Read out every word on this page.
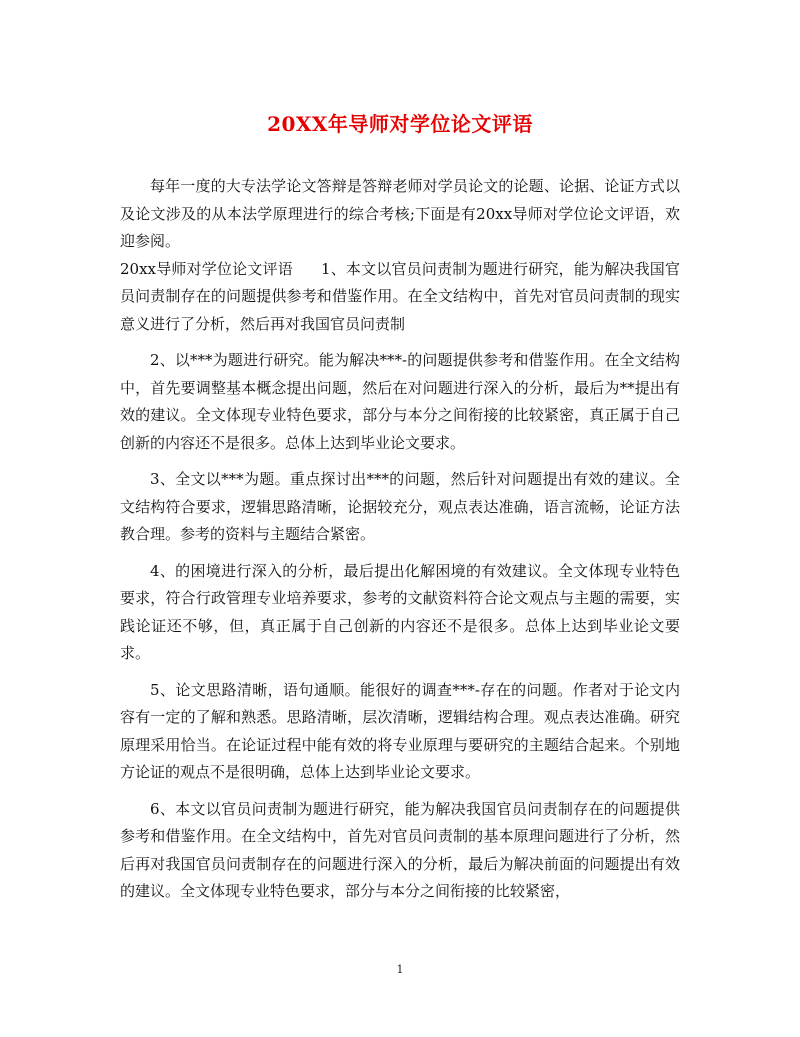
20XX年导师对学位论文评语

每年一度的大专法学论文答辩是答辩老师对学员论文的论题、论据、论证方式以及论文涉及的从本法学原理进行的综合考核;下面是有20xx导师对学位论文评语，欢迎参阅。

20xx导师对学位论文评语 1、本文以官员问责制为题进行研究，能为解决我国官员问责制存在的问题提供参考和借鉴作用。在全文结构中，首先对官员问责制的现实意义进行了分析，然后再对我国官员问责制

2、以***为题进行研究。能为解决***-的问题提供参考和借鉴作用。在全文结构中，首先要调整基本概念提出问题，然后在对问题进行深入的分析，最后为**提出有效的建议。全文体现专业特色要求，部分与本分之间衔接的比较紧密，真正属于自己创新的内容还不是很多。总体上达到毕业论文要求。

3、全文以***为题。重点探讨出***的问题，然后针对问题提出有效的建议。全文结构符合要求，逻辑思路清晰，论据较充分，观点表达准确，语言流畅，论证方法教合理。参考的资料与主题结合紧密。

4、的困境进行深入的分析，最后提出化解困境的有效建议。全文体现专业特色要求，符合行政管理专业培养要求，参考的文献资料符合论文观点与主题的需要，实践论证还不够，但，真正属于自己创新的内容还不是很多。总体上达到毕业论文要求。

5、论文思路清晰，语句通顺。能很好的调查***-存在的问题。作者对于论文内容有一定的了解和熟悉。思路清晰，层次清晰，逻辑结构合理。观点表达准确。研究原理采用恰当。在论证过程中能有效的将专业原理与要研究的主题结合起来。个别地方论证的观点不是很明确，总体上达到毕业论文要求。

6、本文以官员问责制为题进行研究，能为解决我国官员问责制存在的问题提供参考和借鉴作用。在全文结构中，首先对官员问责制的基本原理问题进行了分析，然后再对我国官员问责制存在的问题进行深入的分析，最后为解决前面的问题提出有效的建议。全文体现专业特色要求，部分与本分之间衔接的比较紧密，

1
